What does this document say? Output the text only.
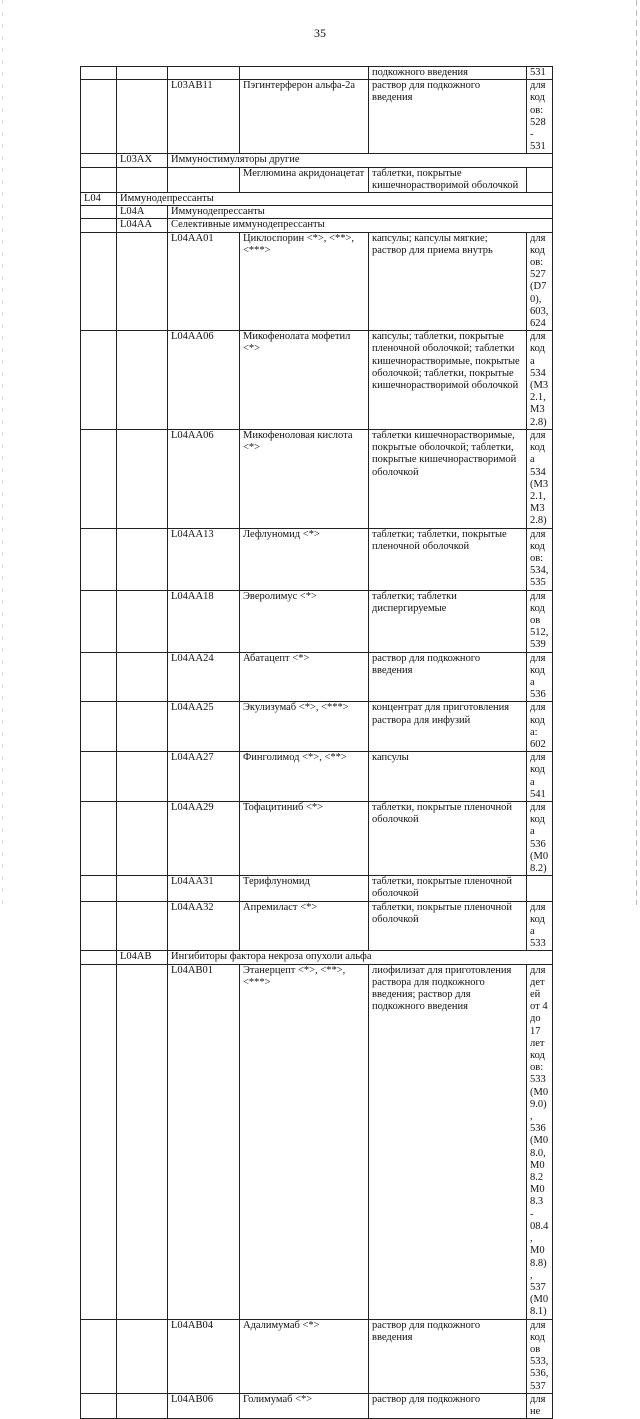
35
				подкожного введения	531
		L03AB11	Пэгинтерферон альфа-2a	раствор для подкожного введения	для кодов: 528 - 531
	L03AX	Иммуностимуляторы другие			
			Меглюмина акридонацетат	таблетки, покрытые кишечнорастворимой оболочкой	
L04	Иммунодепрессанты				
	L04A	Иммунодепрессанты			
	L04AA	Селективные иммунодепрессанты			
		L04AA01	Циклоспорин <*>, <**>, <***>	капсулы; капсулы мягкие; раствор для приема внутрь	для кодов: 527 (D70), 603, 624
		L04AA06	Микофенолата мофетил <*>	капсулы; таблетки, покрытые пленочной оболочкой; таблетки кишечнорастворимые, покрытые оболочкой; таблетки, покрытые кишечнорастворимой оболочкой	для кода 534 (M32.1, M32.8)
		L04AA06	Микофеноловая кислота <*>	таблетки кишечнорастворимые, покрытые оболочкой; таблетки, покрытые кишечнорастворимой оболочкой	для кода 534 (M32.1, M32.8)
		L04AA13	Лефлуномид <*>	таблетки; таблетки, покрытые пленочной оболочкой	для кодов: 534, 535
		L04AA18	Эверолимус <*>	таблетки; таблетки диспергируемые	для кодов 512, 539
		L04AA24	Абатацепт <*>	раствор для подкожного введения	для кода 536
		L04AA25	Экулизумаб <*>, <***>	концентрат для приготовления раствора для инфузий	для кода: 602
		L04AA27	Финголимод <*>, <**>	капсулы	для кода 541
		L04AA29	Тофацитиниб <*>	таблетки, покрытые пленочной оболочкой	для кода 536 (M08.2)
		L04AA31	Терифлуномид	таблетки, покрытые пленочной оболочкой	
		L04AA32	Апремиласт <*>	таблетки, покрытые пленочной оболочкой	для кода 533
	L04AB	Ингибиторы фактора некроза опухоли альфа			
		L04AB01	Этанерцепт <*>, <**>, <***>	лиофилизат для приготовления раствора для подкожного введения; раствор для подкожного введения	для детей от 4 до 17 лет кодов: 533 (M09.0), 536 (M08.0, M08.2 M08.3 - 08.4, M08.8), 537 (M08.1)
		L04AB04	Адалимумаб <*>	раствор для подкожного введения	для кодов 533, 536, 537
		L04AB06	Голимумаб <*>	раствор для подкожного	для не
